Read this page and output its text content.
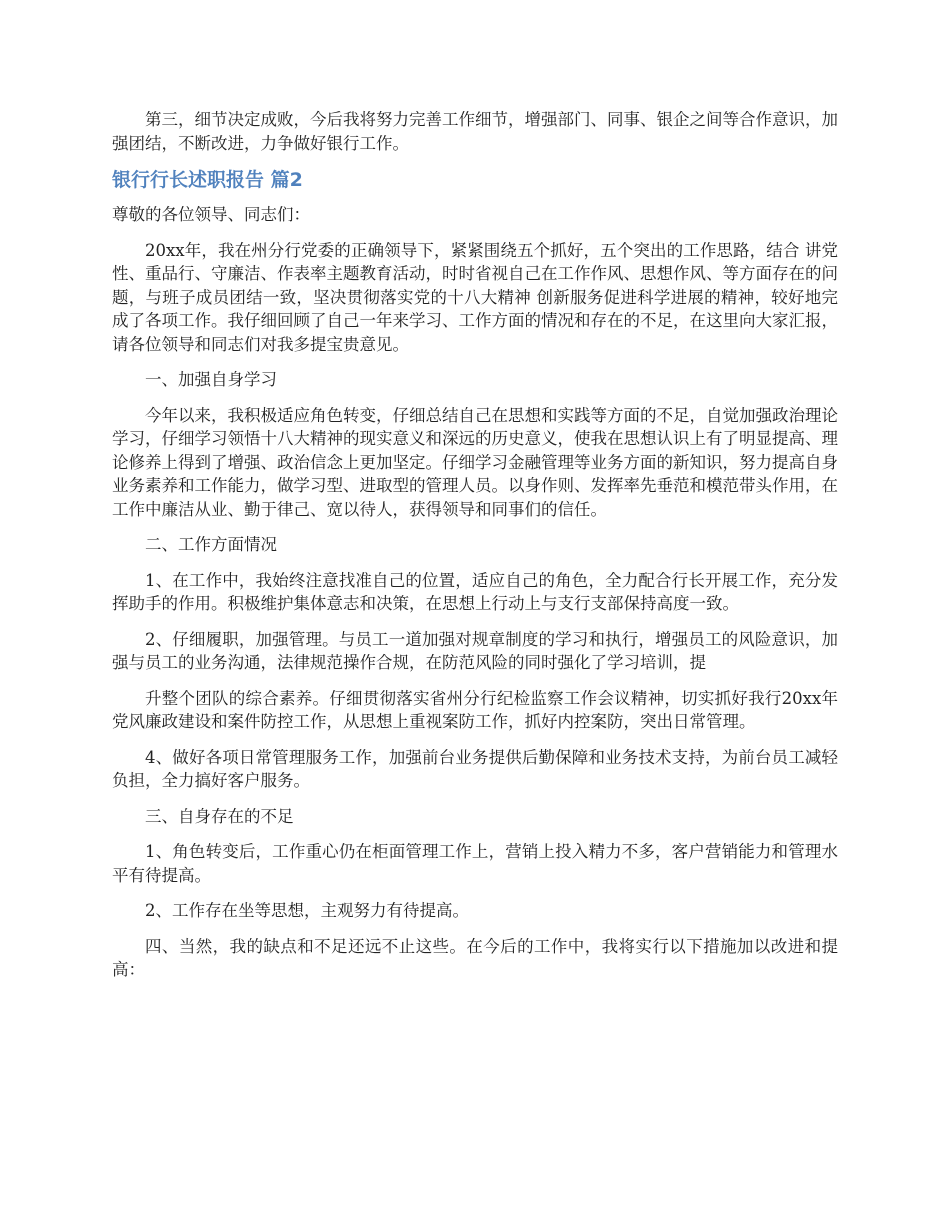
第三，细节决定成败，今后我将努力完善工作细节，增强部门、同事、银企之间等合作意识，加强团结，不断改进，力争做好银行工作。

银行行长述职报告 篇2

尊敬的各位领导、同志们：

20xx年，我在州分行党委的正确领导下，紧紧围绕五个抓好，五个突出的工作思路，结合 讲党性、重品行、守廉洁、作表率主题教育活动，时时省视自己在工作作风、思想作风、等方面存在的问题，与班子成员团结一致，坚决贯彻落实党的十八大精神 创新服务促进科学进展的精神，较好地完成了各项工作。我仔细回顾了自己一年来学习、工作方面的情况和存在的不足，在这里向大家汇报，请各位领导和同志们对我多提宝贵意见。

一、加强自身学习

今年以来，我积极适应角色转变，仔细总结自己在思想和实践等方面的不足，自觉加强政治理论学习，仔细学习领悟十八大精神的现实意义和深远的历史意义，使我在思想认识上有了明显提高、理论修养上得到了增强、政治信念上更加坚定。仔细学习金融管理等业务方面的新知识，努力提高自身业务素养和工作能力，做学习型、进取型的管理人员。以身作则、发挥率先垂范和模范带头作用，在工作中廉洁从业、勤于律己、宽以待人，获得领导和同事们的信任。

二、工作方面情况

1、在工作中，我始终注意找准自己的位置，适应自己的角色，全力配合行长开展工作，充分发挥助手的作用。积极维护集体意志和决策，在思想上行动上与支行支部保持高度一致。

2、仔细履职，加强管理。与员工一道加强对规章制度的学习和执行，增强员工的风险意识，加强与员工的业务沟通，法律规范操作合规，在防范风险的同时强化了学习培训，提

升整个团队的综合素养。仔细贯彻落实省州分行纪检监察工作会议精神，切实抓好我行20xx年党风廉政建设和案件防控工作，从思想上重视案防工作，抓好内控案防，突出日常管理。

4、做好各项日常管理服务工作，加强前台业务提供后勤保障和业务技术支持，为前台员工减轻负担，全力搞好客户服务。

三、自身存在的不足

1、角色转变后，工作重心仍在柜面管理工作上，营销上投入精力不多，客户营销能力和管理水平有待提高。

2、工作存在坐等思想，主观努力有待提高。

四、当然，我的缺点和不足还远不止这些。在今后的工作中，我将实行以下措施加以改进和提高：
